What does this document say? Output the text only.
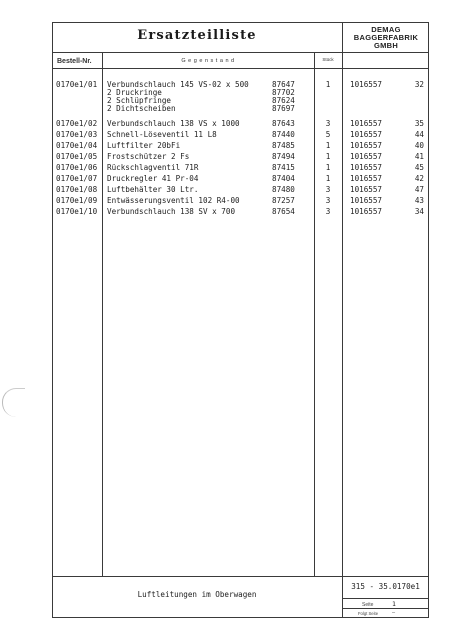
Ersatzteilliste	DEMAG
BAGGERFABRIK
GMBH
Bestell-Nr.	G e g e n s t a n d	Stück
0170e1/01 Verbundschlauch 145 VS-02 x 500	87647	1	1016557	32
2 Druckringe	87702
2 Schlüpfringe	87624
2 Dichtscheiben	87697
0170e1/02 Verbundschlauch 138 VS x 1000	87643	3	1016557	35
0170e1/03 Schnell-Löseventil 11 L8	87440	5	1016557	44
0170e1/04 Luftfilter 20bFi	87485	1	1016557	40
0170e1/05 Frostschützer 2 Fs	87494	1	1016557	41
0170e1/06 Rückschlagventil 71R	87415	1	1016557	45
0170e1/07 Druckregler 41 Pr-04	87404	1	1016557	42
0170e1/08 Luftbehälter 30 Ltr.	87480	3	1016557	47
0170e1/09 Entwässerungsventil 102 R4-00	87257	3	1016557	43
0170e1/10 Verbundschlauch 138 SV x 700	87654	3	1016557	34
Luftleitungen im Oberwagen
315 - 35.0170e1
Seite	1
Folgt Seite	–
